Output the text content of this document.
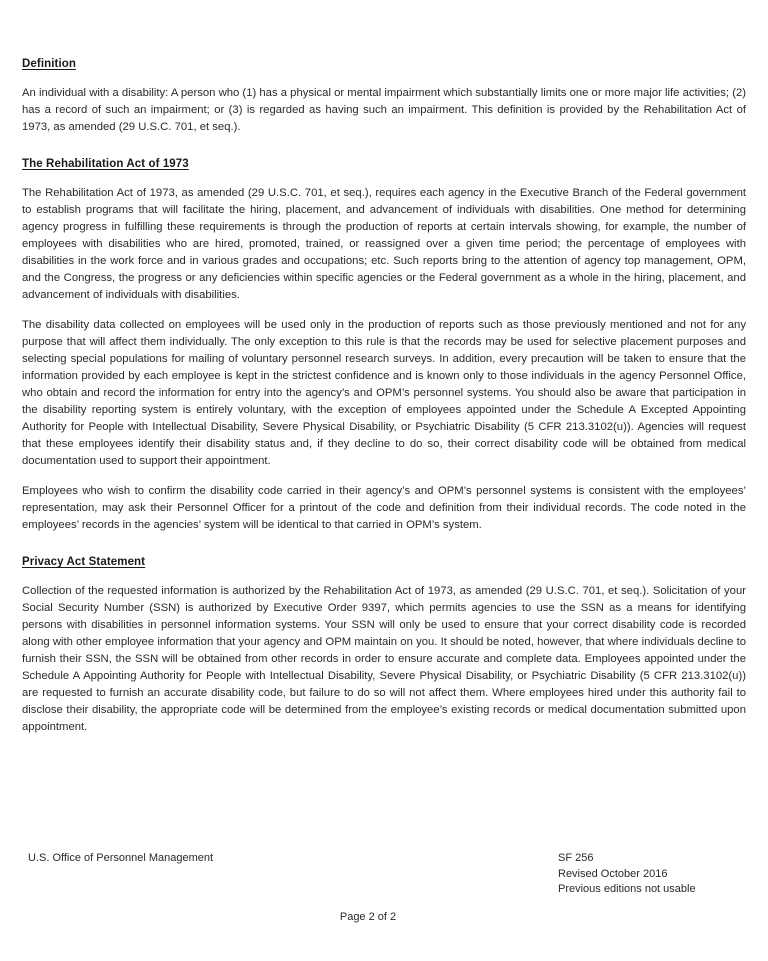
Definition

An individual with a disability: A person who (1) has a physical or mental impairment which substantially limits one or more major life activities; (2) has a record of such an impairment; or (3) is regarded as having such an impairment. This definition is provided by the Rehabilitation Act of 1973, as amended (29 U.S.C. 701, et seq.).

The Rehabilitation Act of 1973

The Rehabilitation Act of 1973, as amended (29 U.S.C. 701, et seq.), requires each agency in the Executive Branch of the Federal government to establish programs that will facilitate the hiring, placement, and advancement of individuals with disabilities. One method for determining agency progress in fulfilling these requirements is through the production of reports at certain intervals showing, for example, the number of employees with disabilities who are hired, promoted, trained, or reassigned over a given time period; the percentage of employees with disabilities in the work force and in various grades and occupations; etc. Such reports bring to the attention of agency top management, OPM, and the Congress, the progress or any deficiencies within specific agencies or the Federal government as a whole in the hiring, placement, and advancement of individuals with disabilities.

The disability data collected on employees will be used only in the production of reports such as those previously mentioned and not for any purpose that will affect them individually. The only exception to this rule is that the records may be used for selective placement purposes and selecting special populations for mailing of voluntary personnel research surveys. In addition, every precaution will be taken to ensure that the information provided by each employee is kept in the strictest confidence and is known only to those individuals in the agency Personnel Office, who obtain and record the information for entry into the agency’s and OPM’s personnel systems. You should also be aware that participation in the disability reporting system is entirely voluntary, with the exception of employees appointed under the Schedule A Excepted Appointing Authority for People with Intellectual Disability, Severe Physical Disability, or Psychiatric Disability (5 CFR 213.3102(u)). Agencies will request that these employees identify their disability status and, if they decline to do so, their correct disability code will be obtained from medical documentation used to support their appointment.

Employees who wish to confirm the disability code carried in their agency’s and OPM’s personnel systems is consistent with the employees’ representation, may ask their Personnel Officer for a printout of the code and definition from their individual records. The code noted in the employees’ records in the agencies’ system will be identical to that carried in OPM’s system.

Privacy Act Statement

Collection of the requested information is authorized by the Rehabilitation Act of 1973, as amended (29 U.S.C. 701, et seq.). Solicitation of your Social Security Number (SSN) is authorized by Executive Order 9397, which permits agencies to use the SSN as a means for identifying persons with disabilities in personnel information systems. Your SSN will only be used to ensure that your correct disability code is recorded along with other employee information that your agency and OPM maintain on you. It should be noted, however, that where individuals decline to furnish their SSN, the SSN will be obtained from other records in order to ensure accurate and complete data. Employees appointed under the Schedule A Appointing Authority for People with Intellectual Disability, Severe Physical Disability, or Psychiatric Disability (5 CFR 213.3102(u)) are requested to furnish an accurate disability code, but failure to do so will not affect them. Where employees hired under this authority fail to disclose their disability, the appropriate code will be determined from the employee’s existing records or medical documentation submitted upon appointment.

U.S. Office of Personnel Management	SF 256
Revised October 2016
Previous editions not usable
Page 2 of 2
